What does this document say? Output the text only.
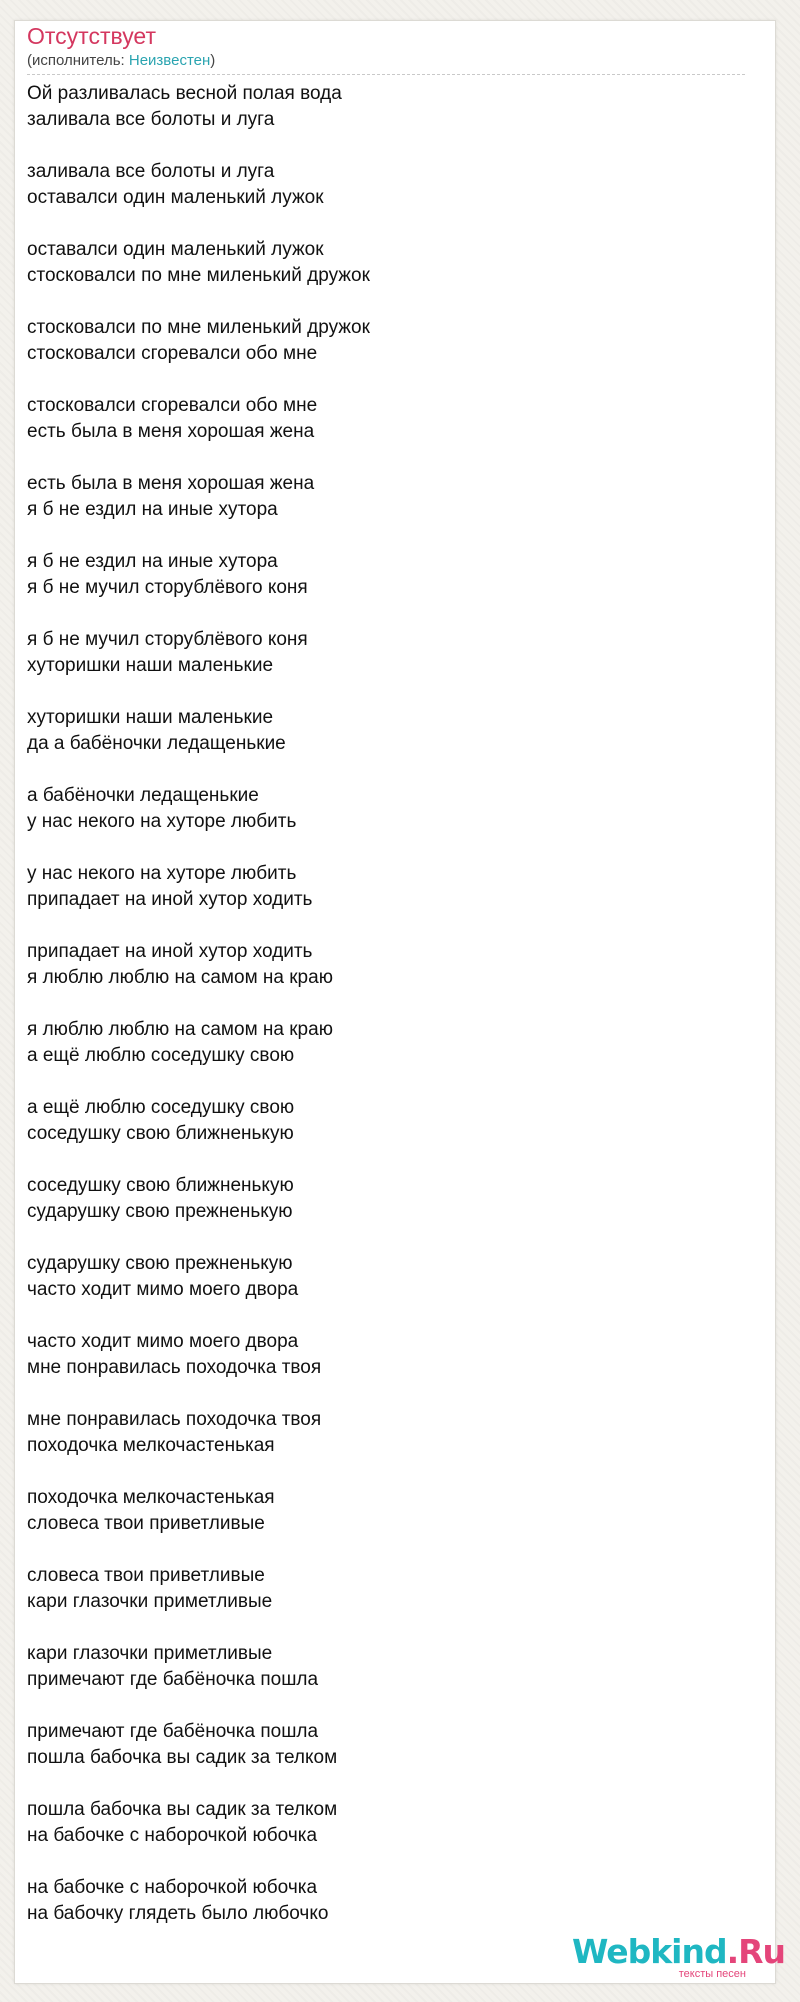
Отсутствует
(исполнитель: Неизвестен)
Ой разливалась весной полая вода
заливала все болоты и луга
заливала все болоты и луга
оставалси один маленький лужок
оставалси один маленький лужок
стосковалси по мне миленький дружок
стосковалси по мне миленький дружок
стосковалси сгоревалси обо мне
стосковалси сгоревалси обо мне
есть была в меня хорошая жена
есть была в меня хорошая жена
я б не ездил на иные хутора
я б не ездил на иные хутора
я б не мучил сторублёвого коня
я б не мучил сторублёвого коня
хуторишки наши маленькие
хуторишки наши маленькие
да а бабёночки ледащенькие
а бабёночки ледащенькие
у нас некого на хуторе любить
у нас некого на хуторе любить
припадает на иной хутор ходить
припадает на иной хутор ходить
я люблю люблю на самом на краю
я люблю люблю на самом на краю
а ещё люблю соседушку свою
а ещё люблю соседушку свою
соседушку свою ближненькую
соседушку свою ближненькую
сударушку свою прежненькую
сударушку свою прежненькую
часто ходит мимо моего двора
часто ходит мимо моего двора
мне понравилась походочка твоя
мне понравилась походочка твоя
походочка мелкочастенькая
походочка мелкочастенькая
словеса твои приветливые
словеса твои приветливые
кари глазочки приметливые
кари глазочки приметливые
примечают где бабёночка пошла
примечают где бабёночка пошла
пошла бабочка вы садик за телком
пошла бабочка вы садик за телком
на бабочке с наборочкой юбочка
на бабочке с наборочкой юбочка
на бабочку глядеть было любочко
Webkind.Ru
тексты песен
